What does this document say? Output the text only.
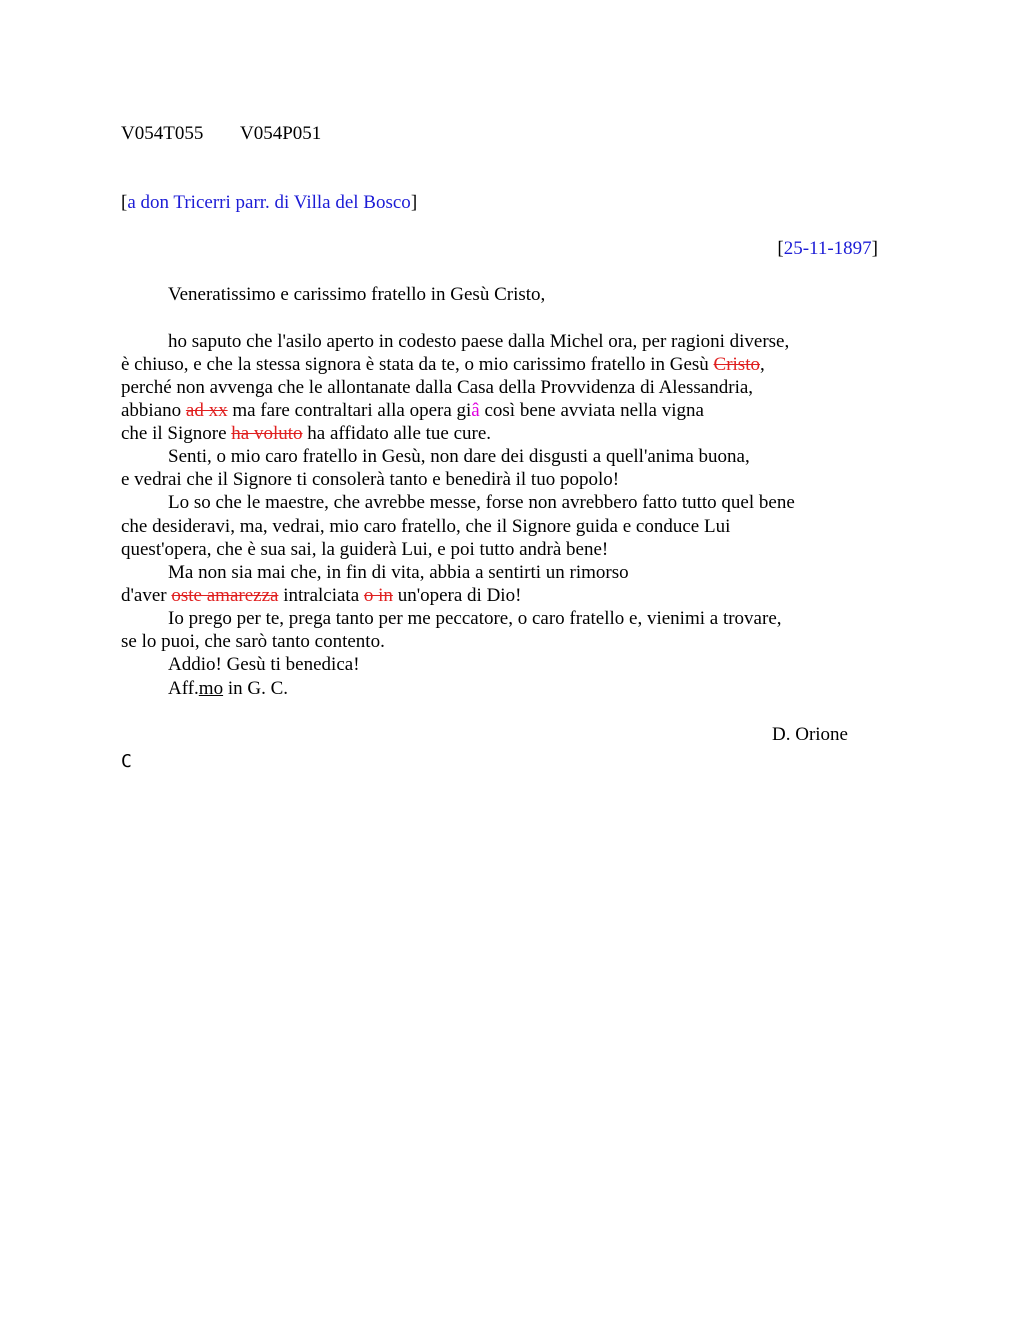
V054T055 V054P051
[a don Tricerri parr. di Villa del Bosco]
[25-11-1897]
Veneratissimo e carissimo fratello in Gesù Cristo,
ho saputo che l'asilo aperto in codesto paese dalla Michel ora, per ragioni diverse,
è chiuso, e che la stessa signora è stata da te, o mio carissimo fratello in Gesù Cristo,
perché non avvenga che le allontanate dalla Casa della Provvidenza di Alessandria,
abbiano ad xx ma fare contraltari alla opera giâ così bene avviata nella vigna
che il Signore ha voluto ha affidato alle tue cure.
Senti, o mio caro fratello in Gesù, non dare dei disgusti a quell'anima buona,
e vedrai che il Signore ti consolerà tanto e benedirà il tuo popolo!
Lo so che le maestre, che avrebbe messe, forse non avrebbero fatto tutto quel bene
che desideravi, ma, vedrai, mio caro fratello, che il Signore guida e conduce Lui
quest'opera, che è sua sai, la guiderà Lui, e poi tutto andrà bene!
Ma non sia mai che, in fin di vita, abbia a sentirti un rimorso
d'aver oste amarezza intralciata o in un'opera di Dio!
Io prego per te, prega tanto per me peccatore, o caro fratello e, vienimi a trovare,
se lo puoi, che sarò tanto contento.
Addio! Gesù ti benedica!
Aff.mo in G. C.
D. Orione
C
